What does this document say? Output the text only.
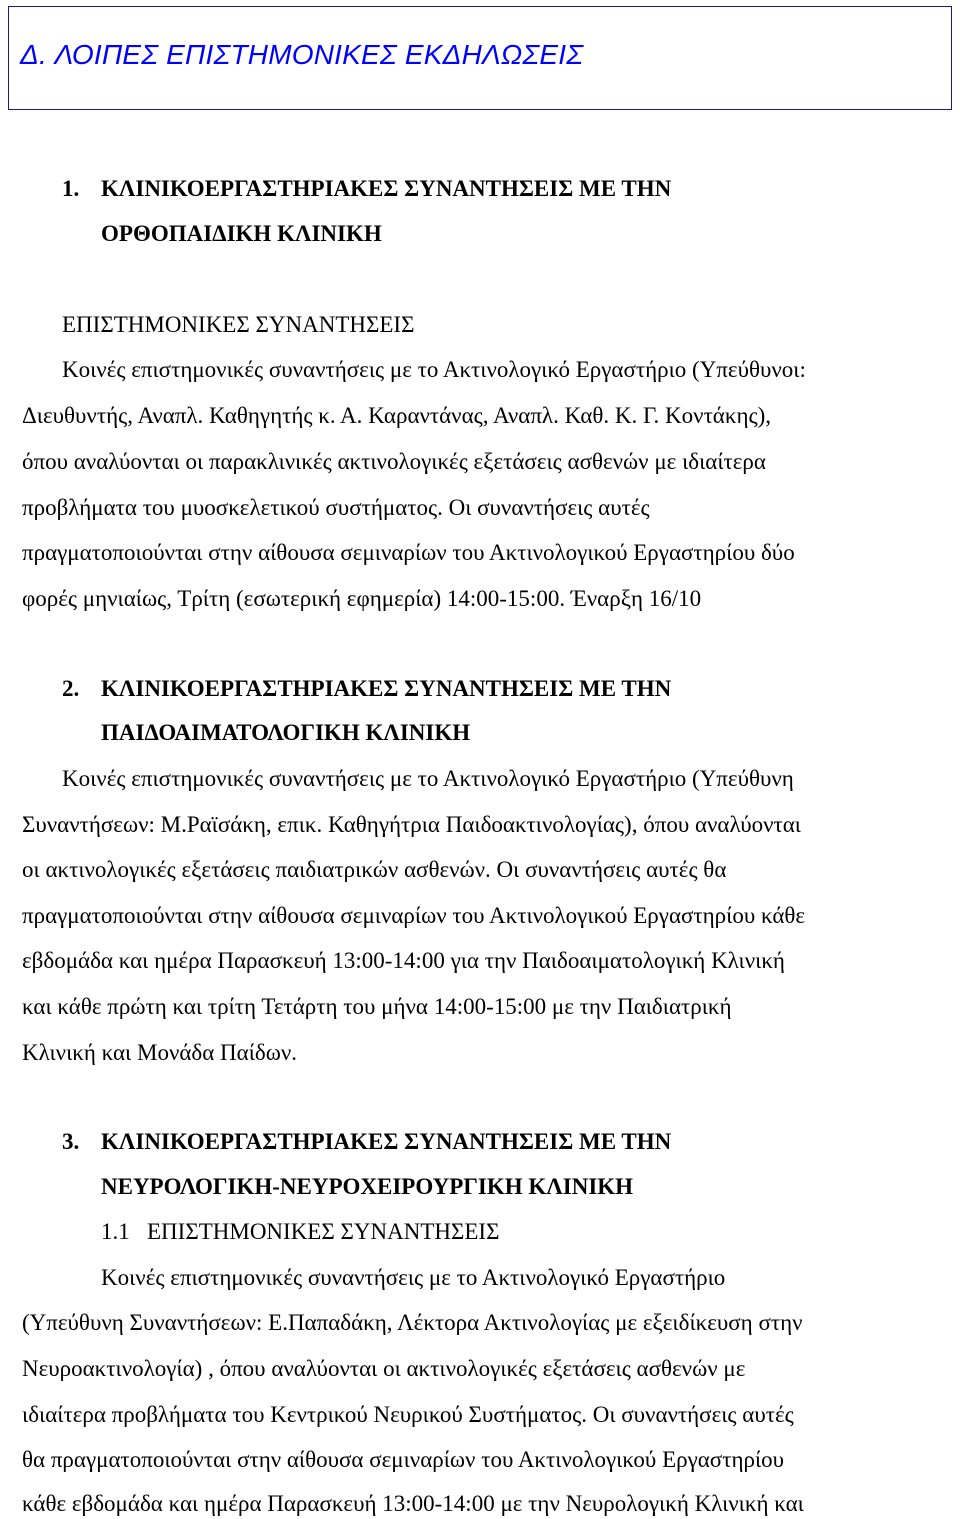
Δ. ΛΟΙΠΕΣ ΕΠΙΣΤΗΜΟΝΙΚΕΣ ΕΚΔΗΛΩΣΕΙΣ
1. ΚΛΙΝΙΚΟΕΡΓΑΣΤΗΡΙΑΚΕΣ ΣΥΝΑΝΤΗΣΕΙΣ ΜΕ ΤΗΝ
ΟΡΘΟΠΑΙΔΙΚΗ ΚΛΙΝΙΚΗ
ΕΠΙΣΤΗΜΟΝΙΚΕΣ ΣΥΝΑΝΤΗΣΕΙΣ
Κοινές επιστημονικές συναντήσεις με το Ακτινολογικό Εργαστήριο (Υπεύθυνοι:
Διευθυντής, Αναπλ. Καθηγητής κ. Α. Καραντάνας, Αναπλ. Καθ. Κ. Γ. Κοντάκης),
όπου αναλύονται οι παρακλινικές ακτινολογικές εξετάσεις ασθενών με ιδιαίτερα
προβλήματα του μυοσκελετικού συστήματος. Οι συναντήσεις αυτές
πραγματοποιούνται στην αίθουσα σεμιναρίων του Ακτινολογικού Εργαστηρίου δύο
φορές μηνιαίως, Τρίτη (εσωτερική εφημερία) 14:00-15:00. Έναρξη 16/10
2. ΚΛΙΝΙΚΟΕΡΓΑΣΤΗΡΙΑΚΕΣ ΣΥΝΑΝΤΗΣΕΙΣ ΜΕ ΤΗΝ
ΠΑΙΔΟΑΙΜΑΤΟΛΟΓΙΚΗ ΚΛΙΝΙΚΗ
Κοινές επιστημονικές συναντήσεις με το Ακτινολογικό Εργαστήριο (Υπεύθυνη
Συναντήσεων: Μ.Ραϊσάκη, επικ. Καθηγήτρια Παιδοακτινολογίας), όπου αναλύονται
οι ακτινολογικές εξετάσεις παιδιατρικών ασθενών. Οι συναντήσεις αυτές θα
πραγματοποιούνται στην αίθουσα σεμιναρίων του Ακτινολογικού Εργαστηρίου κάθε
εβδομάδα και ημέρα Παρασκευή 13:00-14:00 για την Παιδοαιματολογική Κλινική
και κάθε πρώτη και τρίτη Τετάρτη του μήνα 14:00-15:00 με την Παιδιατρική
Κλινική και Μονάδα Παίδων.
3. ΚΛΙΝΙΚΟΕΡΓΑΣΤΗΡΙΑΚΕΣ ΣΥΝΑΝΤΗΣΕΙΣ ΜΕ ΤΗΝ
ΝΕΥΡΟΛΟΓΙΚΗ-ΝΕΥΡΟΧΕΙΡΟΥΡΓΙΚΗ ΚΛΙΝΙΚΗ
1.1   ΕΠΙΣΤΗΜΟΝΙΚΕΣ ΣΥΝΑΝΤΗΣΕΙΣ
Κοινές επιστημονικές συναντήσεις με το Ακτινολογικό Εργαστήριο
(Υπεύθυνη Συναντήσεων: Ε.Παπαδάκη, Λέκτορα Ακτινολογίας με εξειδίκευση στην
Νευροακτινολογία) , όπου αναλύονται οι ακτινολογικές εξετάσεις ασθενών με
ιδιαίτερα προβλήματα του Κεντρικού Νευρικού Συστήματος. Οι συναντήσεις αυτές
θα πραγματοποιούνται στην αίθουσα σεμιναρίων του Ακτινολογικού Εργαστηρίου
κάθε εβδομάδα και ημέρα Παρασκευή 13:00-14:00 με την Νευρολογική Κλινική και
